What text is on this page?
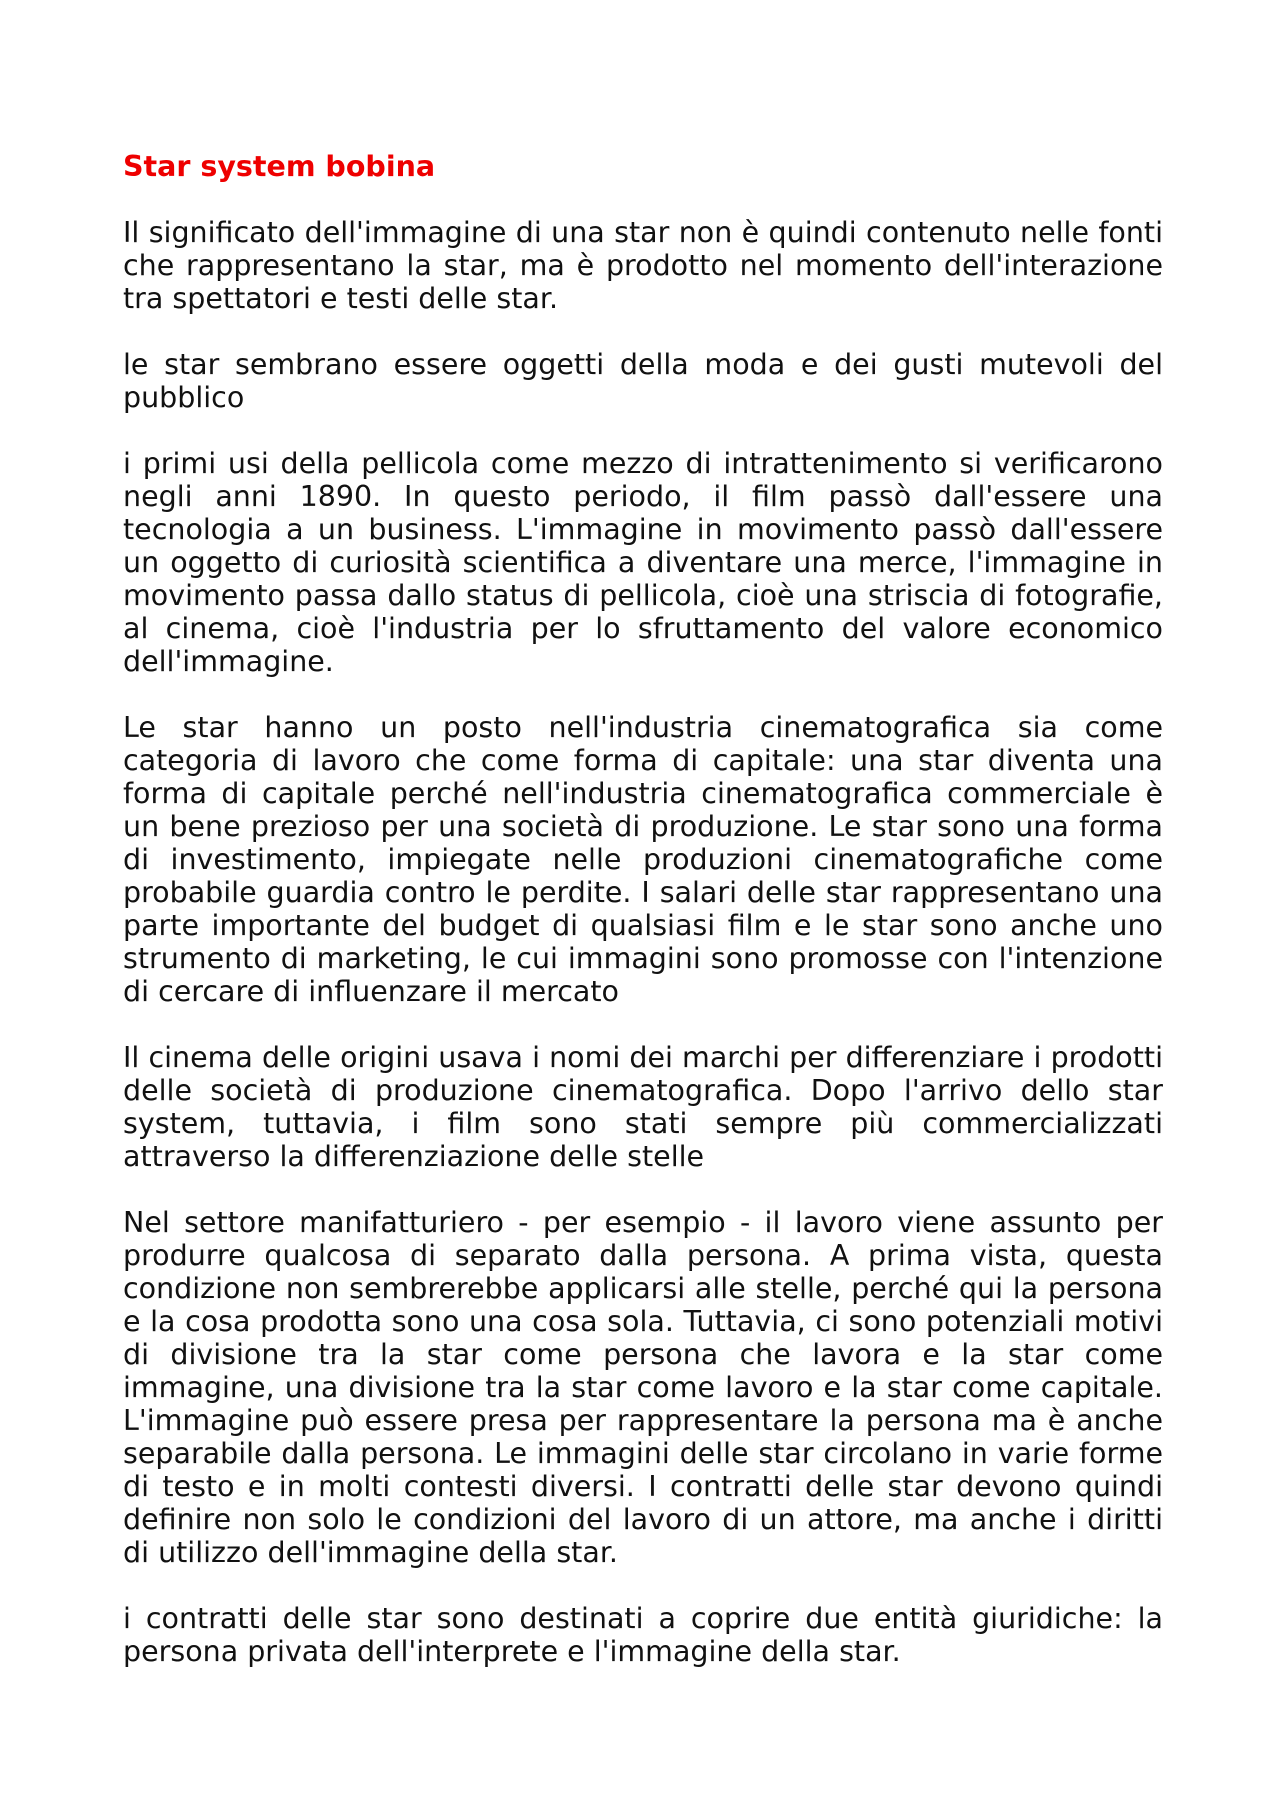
Star system bobina

Il significato dell'immagine di una star non è quindi contenuto nelle fonti che rappresentano la star, ma è prodotto nel momento dell'interazione tra spettatori e testi delle star.

le star sembrano essere oggetti della moda e dei gusti mutevoli del pubblico

i primi usi della pellicola come mezzo di intrattenimento si verificarono negli anni 1890. In questo periodo, il film passò dall'essere una tecnologia a un business. L'immagine in movimento passò dall'essere un oggetto di curiosità scientifica a diventare una merce, l'immagine in movimento passa dallo status di pellicola, cioè una striscia di fotografie, al cinema, cioè l'industria per lo sfruttamento del valore economico dell'immagine.

Le star hanno un posto nell'industria cinematografica sia come categoria di lavoro che come forma di capitale: una star diventa una forma di capitale perché nell'industria cinematografica commerciale è un bene prezioso per una società di produzione. Le star sono una forma di investimento, impiegate nelle produzioni cinematografiche come probabile guardia contro le perdite. I salari delle star rappresentano una parte importante del budget di qualsiasi film e le star sono anche uno strumento di marketing, le cui immagini sono promosse con l'intenzione di cercare di influenzare il mercato

Il cinema delle origini usava i nomi dei marchi per differenziare i prodotti delle società di produzione cinematografica. Dopo l'arrivo dello star system, tuttavia, i film sono stati sempre più commercializzati attraverso la differenziazione delle stelle

Nel settore manifatturiero - per esempio - il lavoro viene assunto per produrre qualcosa di separato dalla persona. A prima vista, questa condizione non sembrerebbe applicarsi alle stelle, perché qui la persona e la cosa prodotta sono una cosa sola. Tuttavia, ci sono potenziali motivi di divisione tra la star come persona che lavora e la star come immagine, una divisione tra la star come lavoro e la star come capitale. L'immagine può essere presa per rappresentare la persona ma è anche separabile dalla persona. Le immagini delle star circolano in varie forme di testo e in molti contesti diversi. I contratti delle star devono quindi definire non solo le condizioni del lavoro di un attore, ma anche i diritti di utilizzo dell'immagine della star.

i contratti delle star sono destinati a coprire due entità giuridiche: la persona privata dell'interprete e l'immagine della star.
